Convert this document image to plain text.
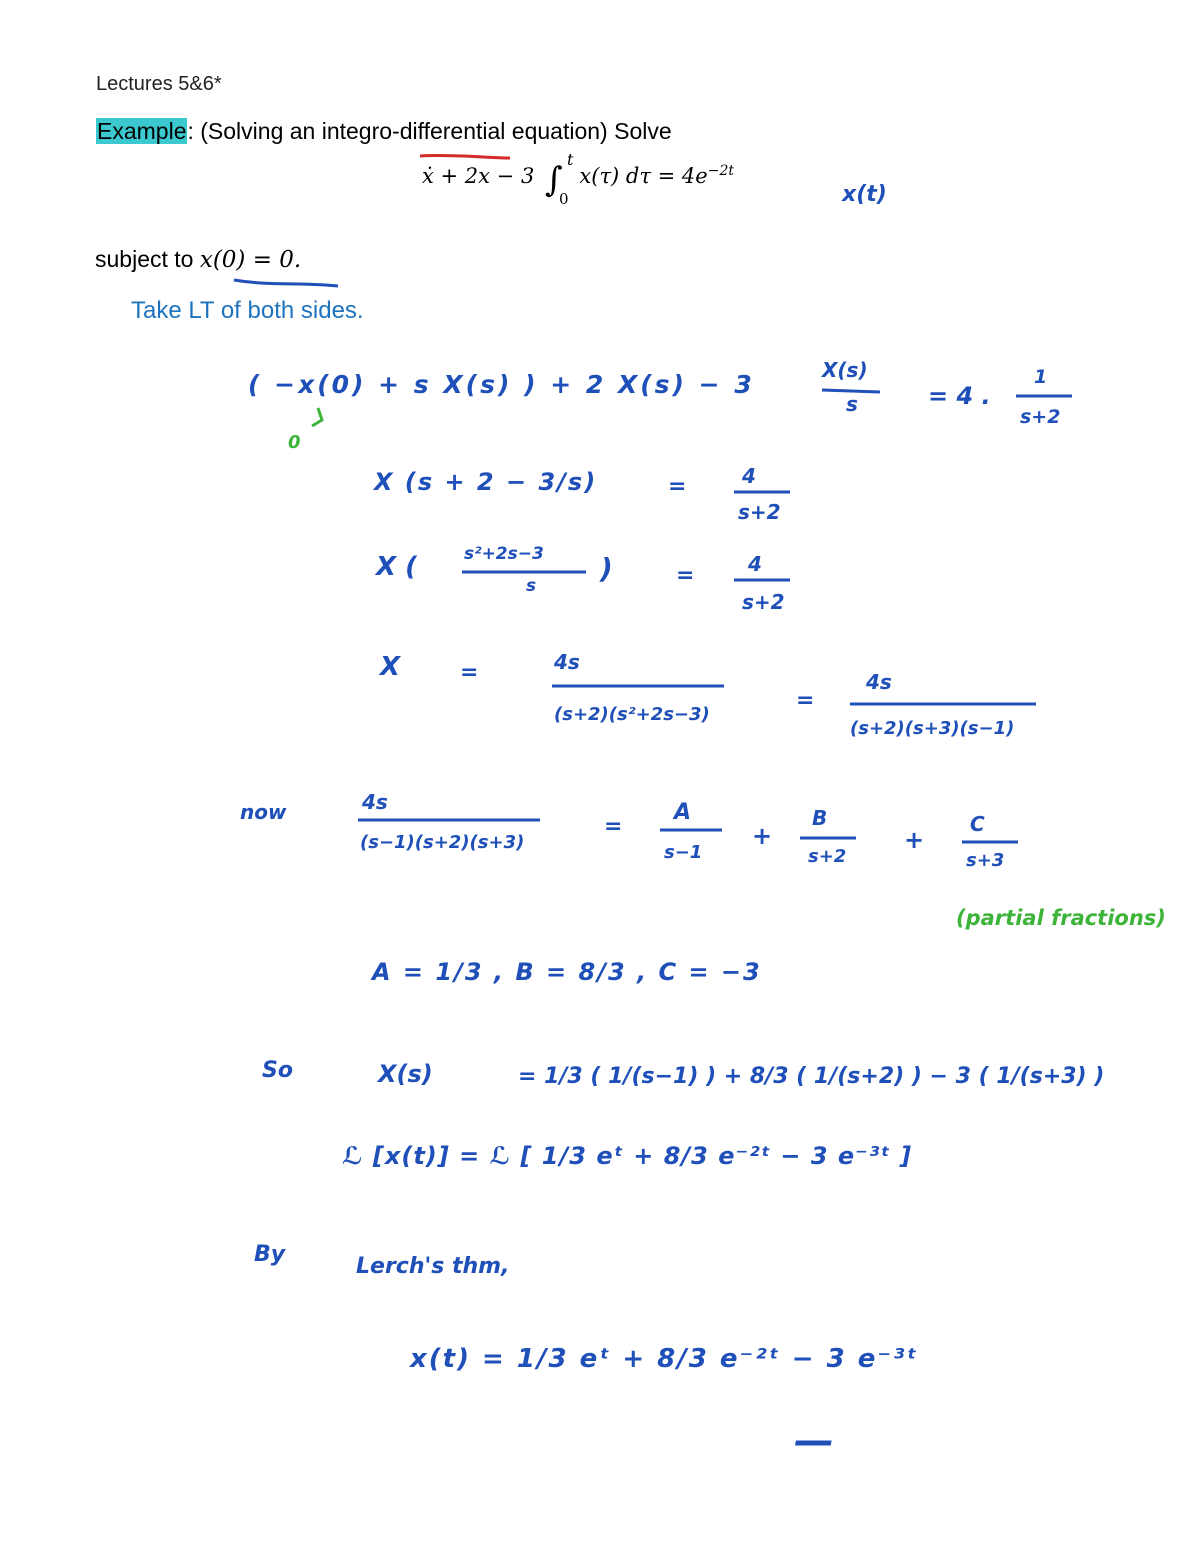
Lectures 5&6*
Example: (Solving an integro-differential equation) Solve
ẋ + 2x − 3 ∫
t
0
x(τ) $d\tau = 4e^{-2t}$
subject to x(0) = 0.
Take LT of both sides.
x(t)
( −x(0) + s X(s) ) + 2 X(s) − 3	X(s)
s	= 4 .
1
s+2
0
X (s + 2 − 3/s)	=	4
s+2
X (	s²+2s−3
s
)	=	4
s+2
X	=	4s
(s+2)(s²+2s−3)
=
4s
(s+2)(s+3)(s−1)
now	4s
(s−1)(s+2)(s+3)
=
A
s−1
+
B
s+2
+
C
s+3
(partial fractions)
A = 1/3 , B = 8/3 , C = −3
So	X(s)	= 1/3 ( 1/(s−1) ) + 8/3 ( 1/(s+2) ) − 3 ( 1/(s+3) )
ℒ [x(t)] = ℒ [ 1/3 eᵗ + 8/3 e⁻²ᵗ − 3 e⁻³ᵗ ]
By	Lerch's thm,
x(t) = 1/3 eᵗ + 8/3 e⁻²ᵗ − 3 e⁻³ᵗ
—
